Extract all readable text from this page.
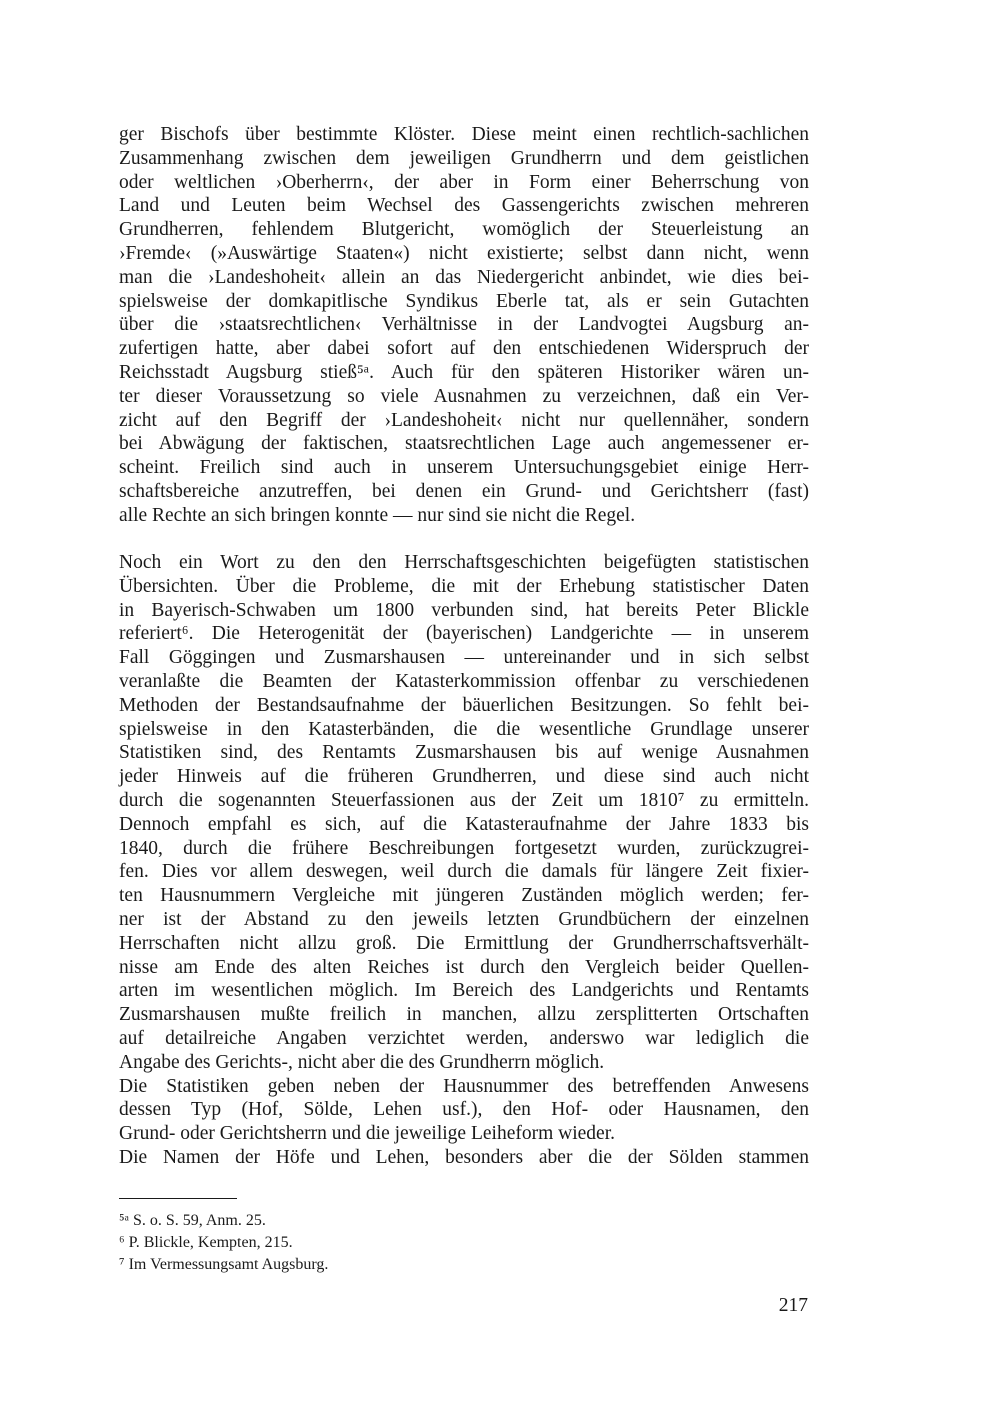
ger Bischofs über bestimmte Klöster. Diese meint einen rechtlich-sachlichen
Zusammenhang zwischen dem jeweiligen Grundherrn und dem geistlichen
oder weltlichen ›Oberherrn‹, der aber in Form einer Beherrschung von
Land und Leuten beim Wechsel des Gassengerichts zwischen mehreren
Grundherren, fehlendem Blutgericht, womöglich der Steuerleistung an
›Fremde‹ (»Auswärtige Staaten«) nicht existierte; selbst dann nicht, wenn
man die ›Landeshoheit‹ allein an das Niedergericht anbindet, wie dies bei-
spielsweise der domkapitlische Syndikus Eberle tat, als er sein Gutachten
über die ›staatsrechtlichen‹ Verhältnisse in der Landvogtei Augsburg an-
zufertigen hatte, aber dabei sofort auf den entschiedenen Widerspruch der
Reichsstadt Augsburg stieß⁵ᵃ. Auch für den späteren Historiker wären un-
ter dieser Voraussetzung so viele Ausnahmen zu verzeichnen, daß ein Ver-
zicht auf den Begriff der ›Landeshoheit‹ nicht nur quellennäher, sondern
bei Abwägung der faktischen, staatsrechtlichen Lage auch angemessener er-
scheint. Freilich sind auch in unserem Untersuchungsgebiet einige Herr-
schaftsbereiche anzutreffen, bei denen ein Grund- und Gerichtsherr (fast)
alle Rechte an sich bringen konnte — nur sind sie nicht die Regel.
Noch ein Wort zu den den Herrschaftsgeschichten beigefügten statistischen
Übersichten. Über die Probleme, die mit der Erhebung statistischer Daten
in Bayerisch-Schwaben um 1800 verbunden sind, hat bereits Peter Blickle
referiert⁶. Die Heterogenität der (bayerischen) Landgerichte — in unserem
Fall Göggingen und Zusmarshausen — untereinander und in sich selbst
veranlaßte die Beamten der Katasterkommission offenbar zu verschiedenen
Methoden der Bestandsaufnahme der bäuerlichen Besitzungen. So fehlt bei-
spielsweise in den Katasterbänden, die die wesentliche Grundlage unserer
Statistiken sind, des Rentamts Zusmarshausen bis auf wenige Ausnahmen
jeder Hinweis auf die früheren Grundherren, und diese sind auch nicht
durch die sogenannten Steuerfassionen aus der Zeit um 1810⁷ zu ermitteln.
Dennoch empfahl es sich, auf die Katasteraufnahme der Jahre 1833 bis
1840, durch die frühere Beschreibungen fortgesetzt wurden, zurückzugrei-
fen. Dies vor allem deswegen, weil durch die damals für längere Zeit fixier-
ten Hausnummern Vergleiche mit jüngeren Zuständen möglich werden; fer-
ner ist der Abstand zu den jeweils letzten Grundbüchern der einzelnen
Herrschaften nicht allzu groß. Die Ermittlung der Grundherrschaftsverhält-
nisse am Ende des alten Reiches ist durch den Vergleich beider Quellen-
arten im wesentlichen möglich. Im Bereich des Landgerichts und Rentamts
Zusmarshausen mußte freilich in manchen, allzu zersplitterten Ortschaften
auf detailreiche Angaben verzichtet werden, anderswo war lediglich die
Angabe des Gerichts-, nicht aber die des Grundherrn möglich.
Die Statistiken geben neben der Hausnummer des betreffenden Anwesens
dessen Typ (Hof, Sölde, Lehen usf.), den Hof- oder Hausnamen, den
Grund- oder Gerichtsherrn und die jeweilige Leiheform wieder.
Die Namen der Höfe und Lehen, besonders aber die der Sölden stammen
⁵ᵃ S. o. S. 59, Anm. 25.
⁶ P. Blickle, Kempten, 215.
⁷ Im Vermessungsamt Augsburg.
217
